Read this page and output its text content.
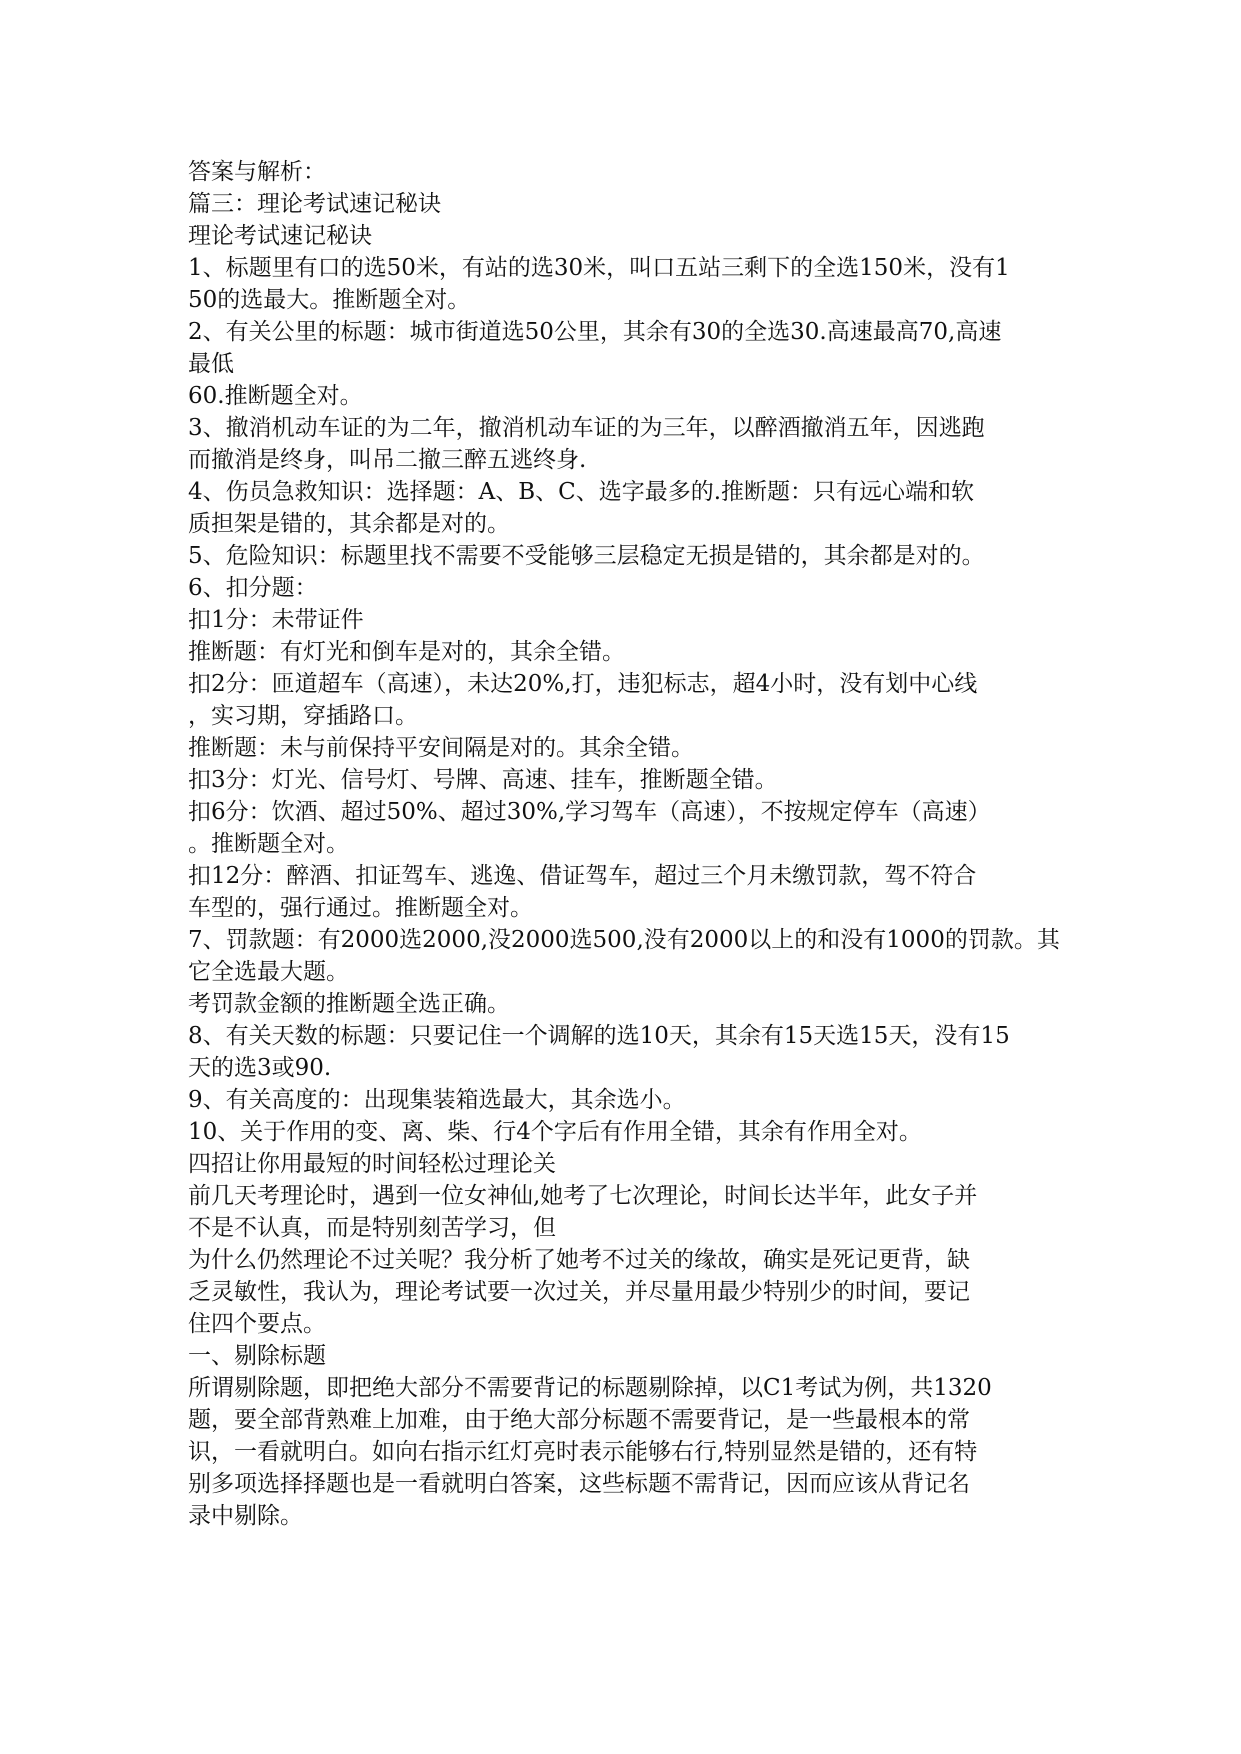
答案与解析：
篇三：理论考试速记秘诀
理论考试速记秘诀
1、标题里有口的选50米，有站的选30米，叫口五站三剩下的全选150米，没有1
50的选最大。推断题全对。
2、有关公里的标题：城市街道选50公里，其余有30的全选30.高速最高70,高速
最低
60.推断题全对。
3、撤消机动车证的为二年，撤消机动车证的为三年，以醉酒撤消五年，因逃跑
而撤消是终身，叫吊二撤三醉五逃终身.
4、伤员急救知识：选择题：A、B、C、选字最多的.推断题：只有远心端和软
质担架是错的，其余都是对的。
5、危险知识：标题里找不需要不受能够三层稳定无损是错的，其余都是对的。
6、扣分题：
扣1分：未带证件
推断题：有灯光和倒车是对的，其余全错。
扣2分：匝道超车（高速），未达20%,打，违犯标志，超4小时，没有划中心线
，实习期，穿插路口。
推断题：未与前保持平安间隔是对的。其余全错。
扣3分：灯光、信号灯、号牌、高速、挂车，推断题全错。
扣6分：饮酒、超过50%、超过30%,学习驾车（高速），不按规定停车（高速）
。推断题全对。
扣12分：醉酒、扣证驾车、逃逸、借证驾车，超过三个月未缴罚款，驾不符合
车型的，强行通过。推断题全对。
7、罚款题：有2000选2000,没2000选500,没有2000以上的和没有1000的罚款。其
它全选最大题。
考罚款金额的推断题全选正确。
8、有关天数的标题：只要记住一个调解的选10天，其余有15天选15天，没有15
天的选3或90.
9、有关高度的：出现集装箱选最大，其余选小。
10、关于作用的变、离、柴、行4个字后有作用全错，其余有作用全对。
四招让你用最短的时间轻松过理论关
前几天考理论时，遇到一位女神仙,她考了七次理论，时间长达半年，此女子并
不是不认真，而是特别刻苦学习，但
为什么仍然理论不过关呢？我分析了她考不过关的缘故，确实是死记更背，缺
乏灵敏性，我认为，理论考试要一次过关，并尽量用最少特别少的时间，要记
住四个要点。
一、剔除标题
所谓剔除题，即把绝大部分不需要背记的标题剔除掉，以C1考试为例，共1320
题，要全部背熟难上加难，由于绝大部分标题不需要背记，是一些最根本的常
识，一看就明白。如向右指示红灯亮时表示能够右行,特别显然是错的，还有特
别多项选择择题也是一看就明白答案，这些标题不需背记，因而应该从背记名
录中剔除。
